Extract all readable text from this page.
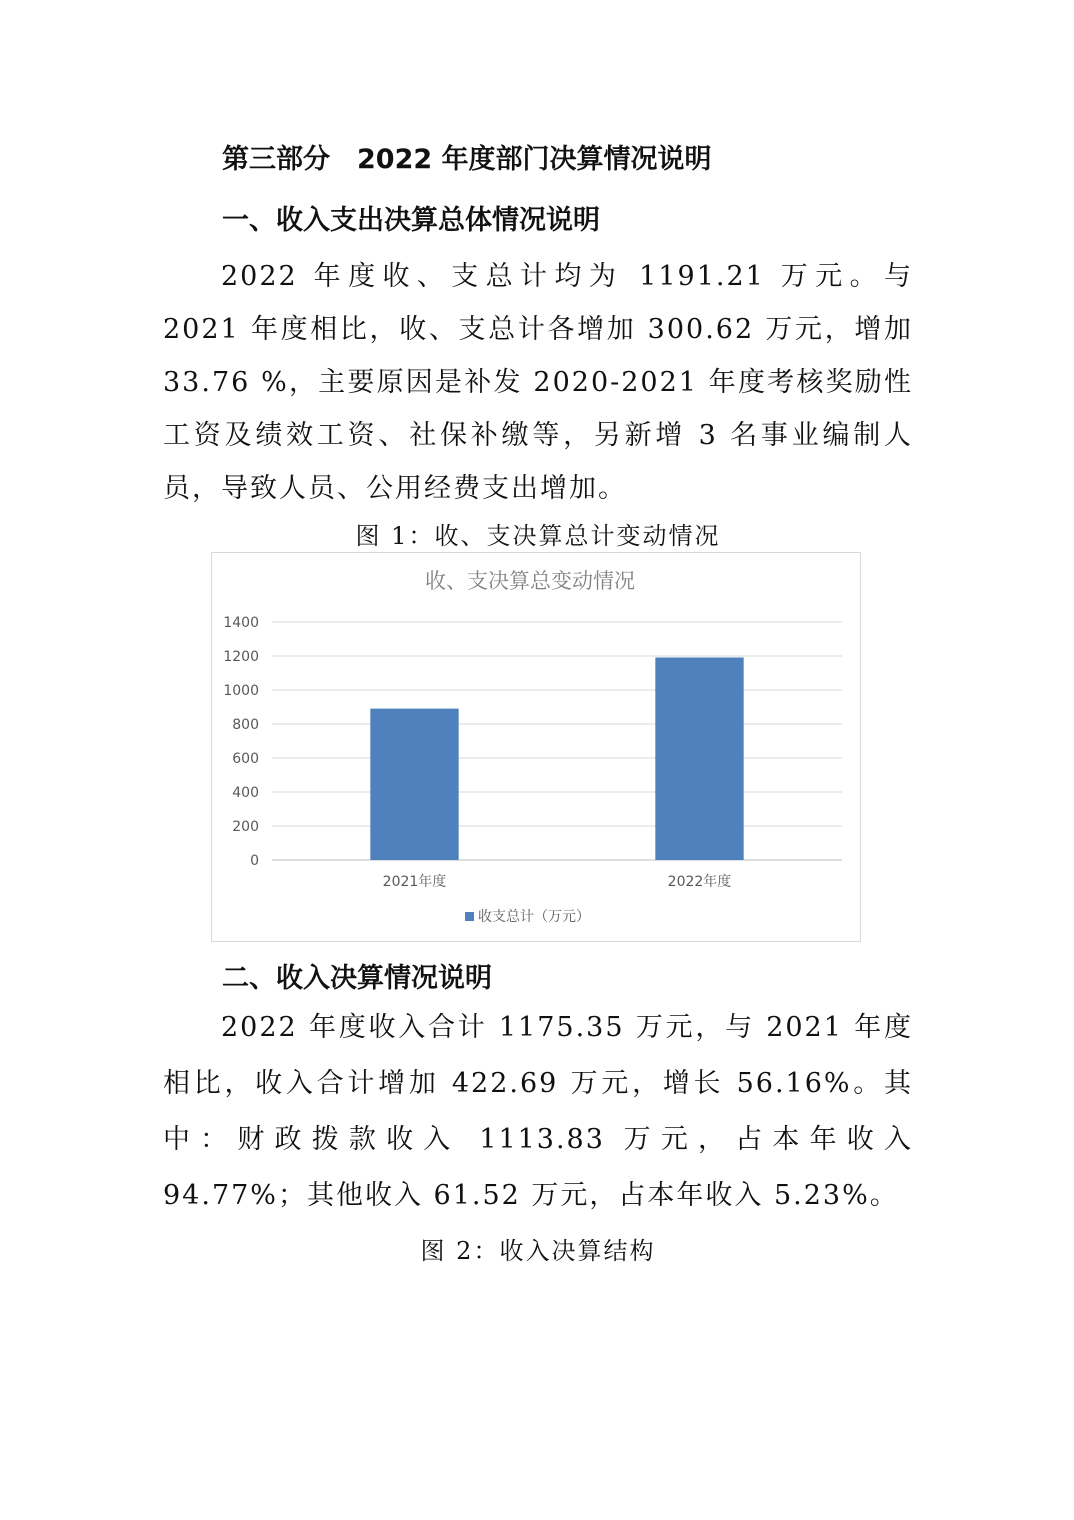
第三部分　2022 年度部门决算情况说明
一、收入支出决算总体情况说明
2022 年度收、支总计均为 1191.21 万元。与 2021 年度相比，收、支总计各增加 300.62 万元，增加 33.76 %，主要原因是补发 2020-2021 年度考核奖励性工资及绩效工资、社保补缴等，另新增 3 名事业编制人员，导致人员、公用经费支出增加。
图 1：收、支决算总计变动情况
收、支决算总变动情况
0
200
400
600
800
1000
1200
1400
2021年度	2022年度
收支总计（万元）
二、收入决算情况说明
2022 年度收入合计 1175.35 万元，与 2021 年度相比，收入合计增加 422.69 万元，增长 56.16%。其中：财政拨款收入 1113.83 万元，占本年收入 94.77%；其他收入 61.52 万元，占本年收入 5.23%。
图 2：收入决算结构
